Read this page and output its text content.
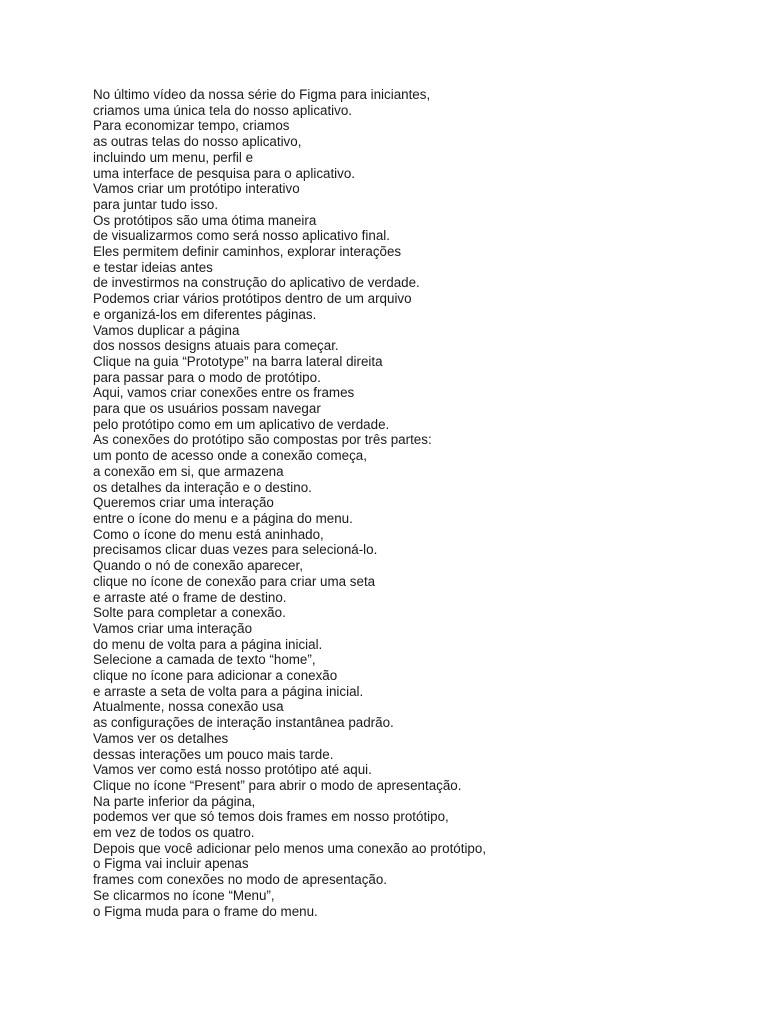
No último vídeo da nossa série do Figma para iniciantes,
criamos uma única tela do nosso aplicativo.
Para economizar tempo, criamos
as outras telas do nosso aplicativo,
incluindo um menu, perfil e
uma interface de pesquisa para o aplicativo.
Vamos criar um protótipo interativo
para juntar tudo isso.
Os protótipos são uma ótima maneira
de visualizarmos como será nosso aplicativo final.
Eles permitem definir caminhos, explorar interações
e testar ideias antes
de investirmos na construção do aplicativo de verdade.
Podemos criar vários protótipos dentro de um arquivo
e organizá-los em diferentes páginas.
Vamos duplicar a página
dos nossos designs atuais para começar.
Clique na guia “Prototype” na barra lateral direita
para passar para o modo de protótipo.
Aqui, vamos criar conexões entre os frames
para que os usuários possam navegar
pelo protótipo como em um aplicativo de verdade.
As conexões do protótipo são compostas por três partes:
um ponto de acesso onde a conexão começa,
a conexão em si, que armazena
os detalhes da interação e o destino.
Queremos criar uma interação
entre o ícone do menu e a página do menu.
Como o ícone do menu está aninhado,
precisamos clicar duas vezes para selecioná-lo.
Quando o nó de conexão aparecer,
clique no ícone de conexão para criar uma seta
e arraste até o frame de destino.
Solte para completar a conexão.
Vamos criar uma interação
do menu de volta para a página inicial.
Selecione a camada de texto “home”,
clique no ícone para adicionar a conexão
e arraste a seta de volta para a página inicial.
Atualmente, nossa conexão usa
as configurações de interação instantânea padrão.
Vamos ver os detalhes
dessas interações um pouco mais tarde.
Vamos ver como está nosso protótipo até aqui.
Clique no ícone “Present” para abrir o modo de apresentação.
Na parte inferior da página,
podemos ver que só temos dois frames em nosso protótipo,
em vez de todos os quatro.
Depois que você adicionar pelo menos uma conexão ao protótipo,
o Figma vai incluir apenas
frames com conexões no modo de apresentação.
Se clicarmos no ícone “Menu”,
o Figma muda para o frame do menu.
